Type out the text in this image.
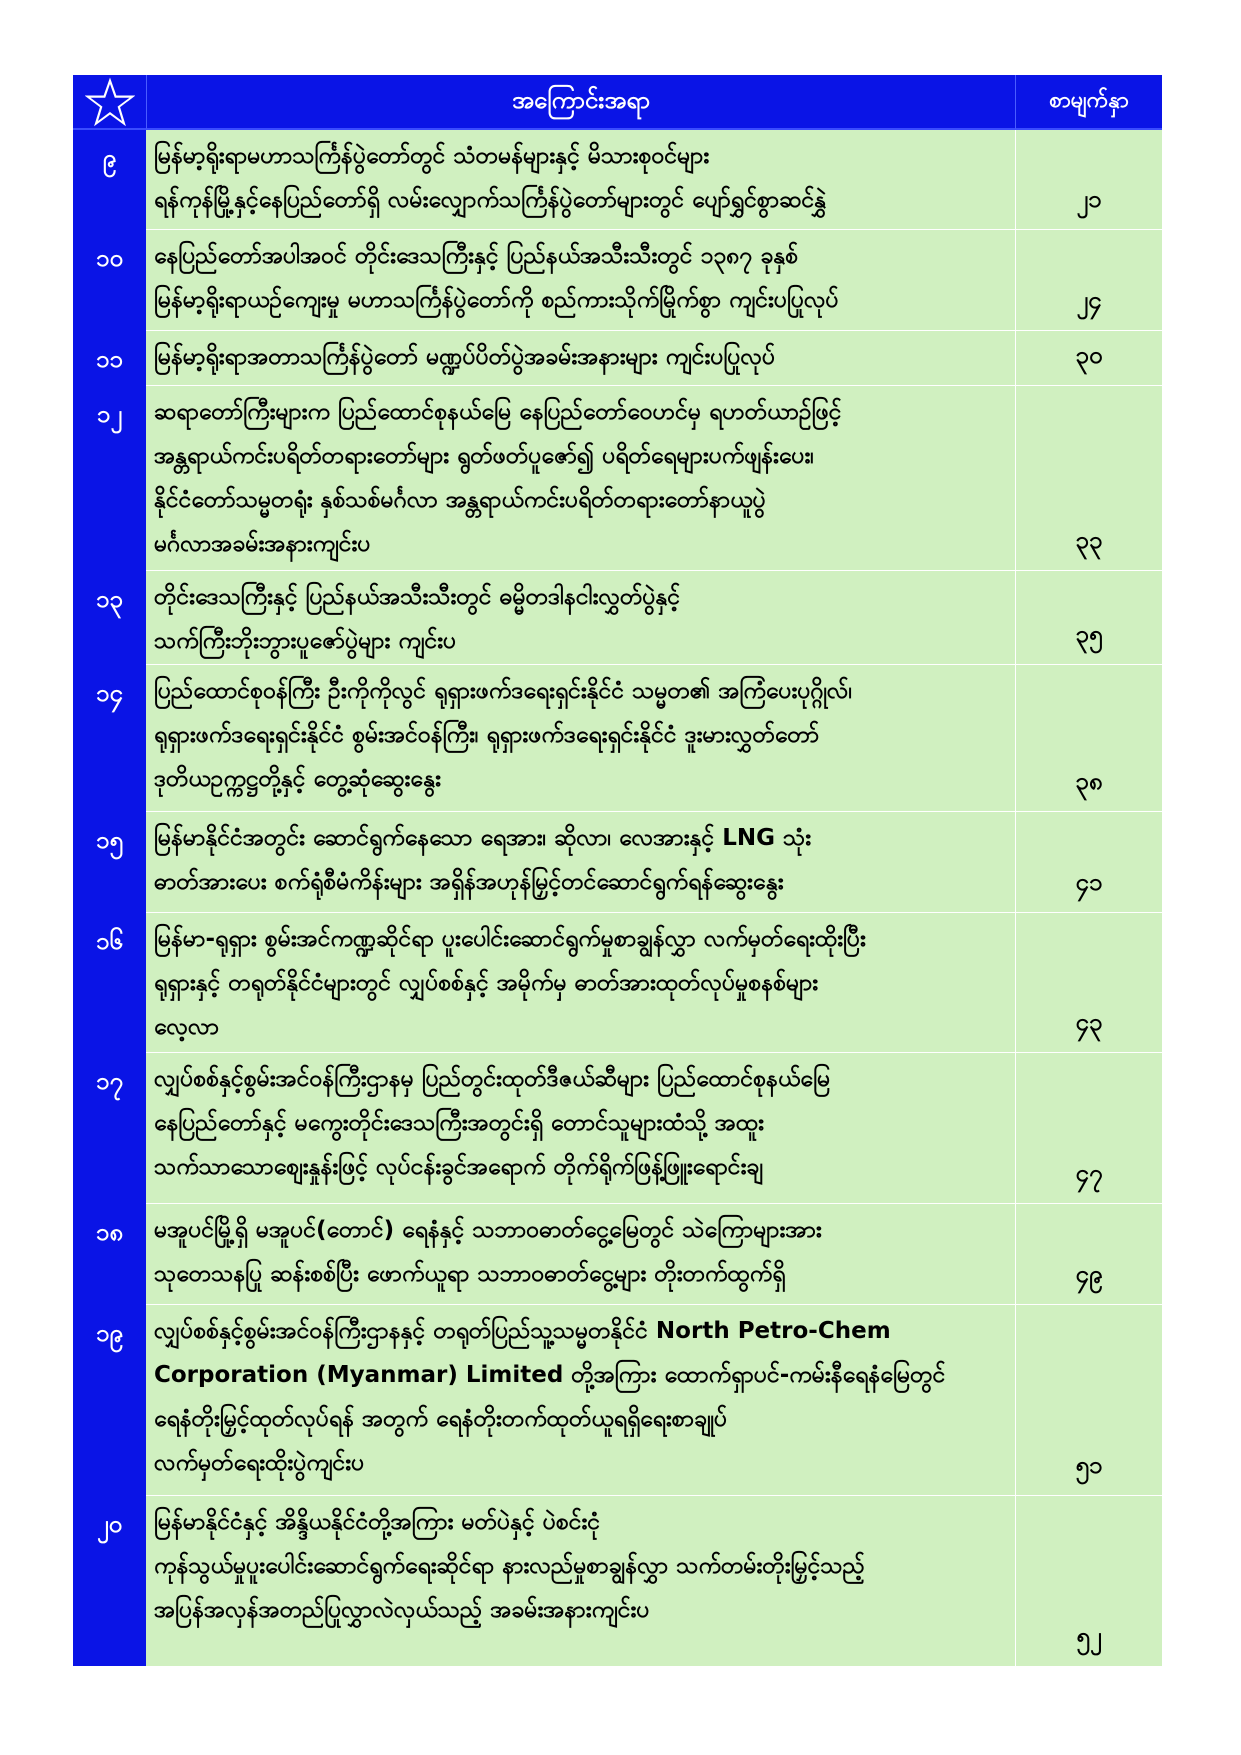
အကြောင်းအရာ	စာမျက်နှာ
၉	မြန်မာ့ရိုးရာမဟာသင်္ကြန်ပွဲတော်တွင် သံတမန်များနှင့် မိသားစုဝင်များ
ရန်ကုန်မြို့နှင့်နေပြည်တော်ရှိ လမ်းလျှောက်သင်္ကြန်ပွဲတော်များတွင် ပျော်ရွှင်စွာဆင်နွှဲ	၂၁
၁၀	နေပြည်တော်အပါအဝင် တိုင်းဒေသကြီးနှင့် ပြည်နယ်အသီးသီးတွင် ၁၃၈၇ ခုနှစ်
မြန်မာ့ရိုးရာယဉ်ကျေးမှု မဟာသင်္ကြန်ပွဲတော်ကို စည်ကားသိုက်မြိုက်စွာ ကျင်းပပြုလုပ်	၂၄
၁၁	မြန်မာ့ရိုးရာအတာသင်္ကြန်ပွဲတော် မဏ္ဍပ်ပိတ်ပွဲအခမ်းအနားများ ကျင်းပပြုလုပ်	၃၀
၁၂	ဆရာတော်ကြီးများက ပြည်ထောင်စုနယ်မြေ နေပြည်တော်ဝေဟင်မှ ရဟတ်ယာဉ်ဖြင့်
အန္တရာယ်ကင်းပရိတ်တရားတော်များ ရွတ်ဖတ်ပူဇော်၍ ပရိတ်ရေများပက်ဖျန်းပေး၊
နိုင်ငံတော်သမ္မတရုံး နှစ်သစ်မင်္ဂလာ အန္တရာယ်ကင်းပရိတ်တရားတော်နာယူပွဲ
မင်္ဂလာအခမ်းအနားကျင်းပ	၃၃
၁၃	တိုင်းဒေသကြီးနှင့် ပြည်နယ်အသီးသီးတွင် ဓမ္မိတဒါနငါးလွှတ်ပွဲနှင့်
သက်ကြီးဘိုးဘွားပူဇော်ပွဲများ ကျင်းပ	၃၅
၁၄	ပြည်ထောင်စုဝန်ကြီး ဦးကိုကိုလွင် ရုရှားဖက်ဒရေးရှင်းနိုင်ငံ သမ္မတ၏ အကြံပေးပုဂ္ဂိုလ်၊
ရုရှားဖက်ဒရေးရှင်းနိုင်ငံ စွမ်းအင်ဝန်ကြီး၊ ရုရှားဖက်ဒရေးရှင်းနိုင်ငံ ဒူးမားလွှတ်တော်
ဒုတိယဥက္ကဋ္ဌတို့နှင့် တွေ့ဆုံဆွေးနွေး	၃၈
၁၅	မြန်မာနိုင်ငံအတွင်း ဆောင်ရွက်နေသော ရေအား၊ ဆိုလာ၊ လေအားနှင့် LNG သုံး
ဓာတ်အားပေး စက်ရုံစီမံကိန်းများ အရှိန်အဟုန်မြှင့်တင်ဆောင်ရွက်ရန်ဆွေးနွေး	၄၁
၁၆	မြန်မာ-ရုရှား စွမ်းအင်ကဏ္ဍဆိုင်ရာ ပူးပေါင်းဆောင်ရွက်မှုစာချွန်လွှာ လက်မှတ်ရေးထိုးပြီး
ရုရှားနှင့် တရုတ်နိုင်ငံများတွင် လျှပ်စစ်နှင့် အမိုက်မှ ဓာတ်အားထုတ်လုပ်မှုစနစ်များ
လေ့လာ	၄၃
၁၇	လျှပ်စစ်နှင့်စွမ်းအင်ဝန်ကြီးဌာနမှ ပြည်တွင်းထုတ်ဒီဇယ်ဆီများ ပြည်ထောင်စုနယ်မြေ
နေပြည်တော်နှင့် မကွေးတိုင်းဒေသကြီးအတွင်းရှိ တောင်သူများထံသို့ အထူး
သက်သာသောစျေးနှုန်းဖြင့် လုပ်ငန်းခွင်အရောက် တိုက်ရိုက်ဖြန့်ဖြူးရောင်းချ	၄၇
၁၈	မအူပင်မြို့ရှိ မအူပင်(တောင်) ရေနံနှင့် သဘာဝဓာတ်ငွေ့မြေတွင် သဲကြောများအား
သုတေသနပြု ဆန်းစစ်ပြီး ဖောက်ယူရာ သဘာဝဓာတ်ငွေ့များ တိုးတက်ထွက်ရှိ	၄၉
၁၉	လျှပ်စစ်နှင့်စွမ်းအင်ဝန်ကြီးဌာနနှင့် တရုတ်ပြည်သူ့သမ္မတနိုင်ငံ North Petro-Chem
Corporation (Myanmar) Limited တို့အကြား ထောက်ရှာပင်-ကမ်းနီရေနံမြေတွင်
ရေနံတိုးမြှင့်ထုတ်လုပ်ရန် အတွက် ရေနံတိုးတက်ထုတ်ယူရရှိရေးစာချုပ်
လက်မှတ်ရေးထိုးပွဲကျင်းပ	၅၁
၂၀	မြန်မာနိုင်ငံနှင့် အိန္ဒိယနိုင်ငံတို့အကြား မတ်ပဲနှင့် ပဲစင်းငုံ
ကုန်သွယ်မှုပူးပေါင်းဆောင်ရွက်ရေးဆိုင်ရာ နားလည်မှုစာချွန်လွှာ သက်တမ်းတိုးမြှင့်သည့်
အပြန်အလှန်အတည်ပြုလွှာလဲလှယ်သည့် အခမ်းအနားကျင်းပ
၅၂
